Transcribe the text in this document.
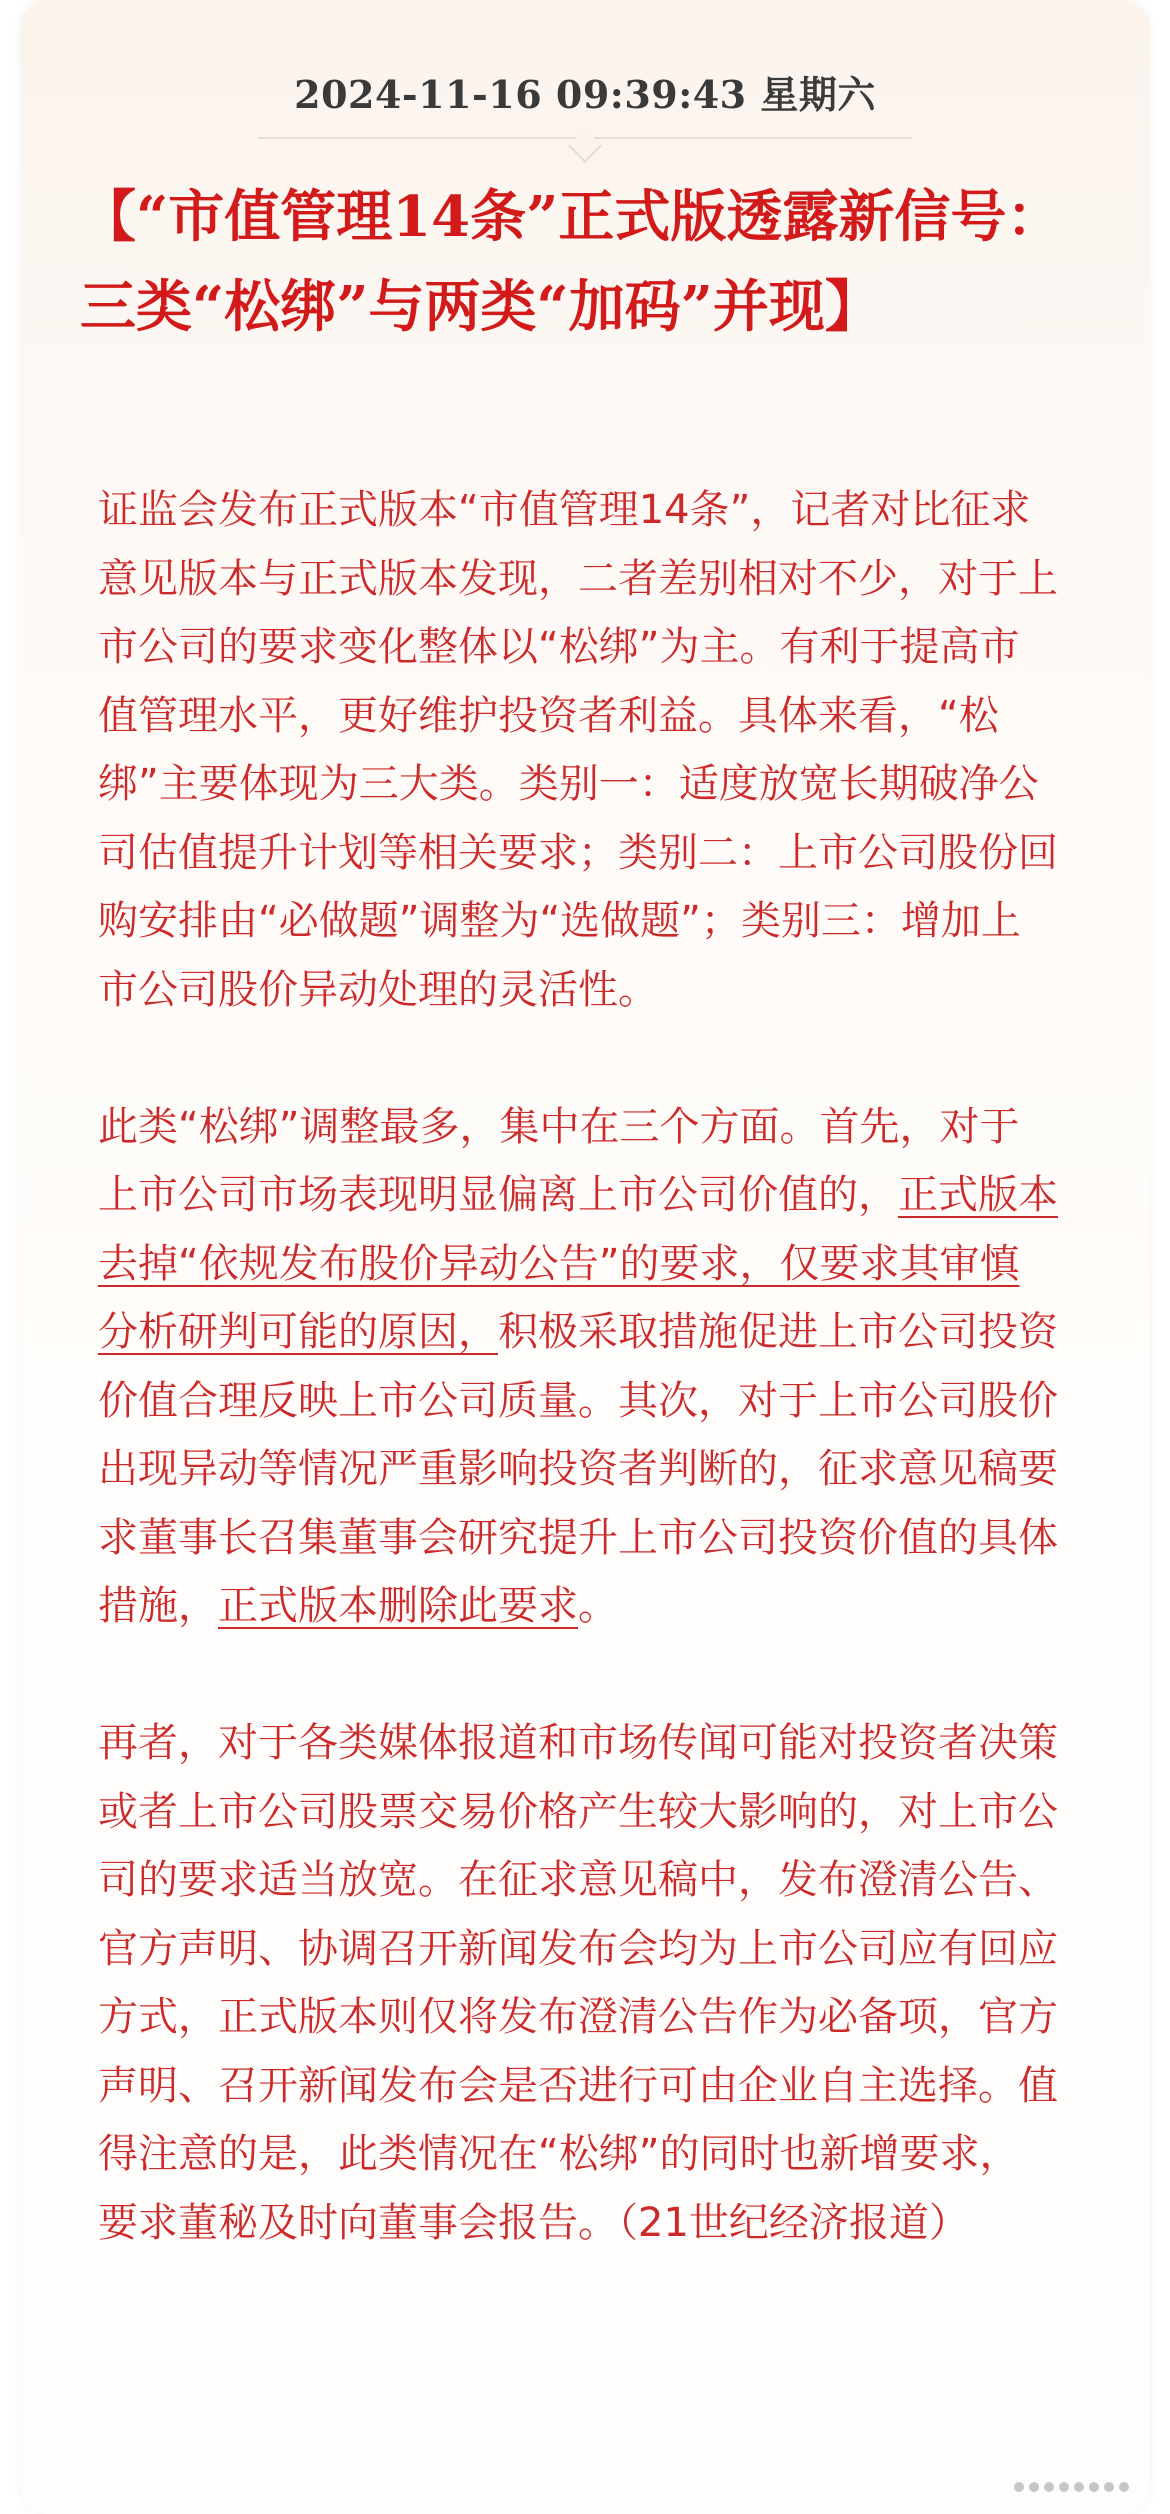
2024-11-16 09:39:43 星期六
【“市值管理14条”正式版透露新信号：三类“松绑”与两类“加码”并现】

证监会发布正式版本“市值管理14条”，记者对比征求意见版本与正式版本发现，二者差别相对不少，对于上市公司的要求变化整体以“松绑”为主。有利于提高市值管理水平，更好维护投资者利益。具体来看，“松绑”主要体现为三大类。类别一：适度放宽长期破净公司估值提升计划等相关要求；类别二：上市公司股份回购安排由“必做题”调整为“选做题”；类别三：增加上市公司股价异动处理的灵活性。

此类“松绑”调整最多，集中在三个方面。首先，对于上市公司市场表现明显偏离上市公司价值的，正式版本去掉“依规发布股价异动公告”的要求，仅要求其审慎分析研判可能的原因，积极采取措施促进上市公司投资价值合理反映上市公司质量。其次，对于上市公司股价出现异动等情况严重影响投资者判断的，征求意见稿要求董事长召集董事会研究提升上市公司投资价值的具体措施，正式版本删除此要求。

再者，对于各类媒体报道和市场传闻可能对投资者决策或者上市公司股票交易价格产生较大影响的，对上市公司的要求适当放宽。在征求意见稿中，发布澄清公告、官方声明、协调召开新闻发布会均为上市公司应有回应方式，正式版本则仅将发布澄清公告作为必备项，官方声明、召开新闻发布会是否进行可由企业自主选择。值得注意的是，此类情况在“松绑”的同时也新增要求，要求董秘及时向董事会报告。（21世纪经济报道）
